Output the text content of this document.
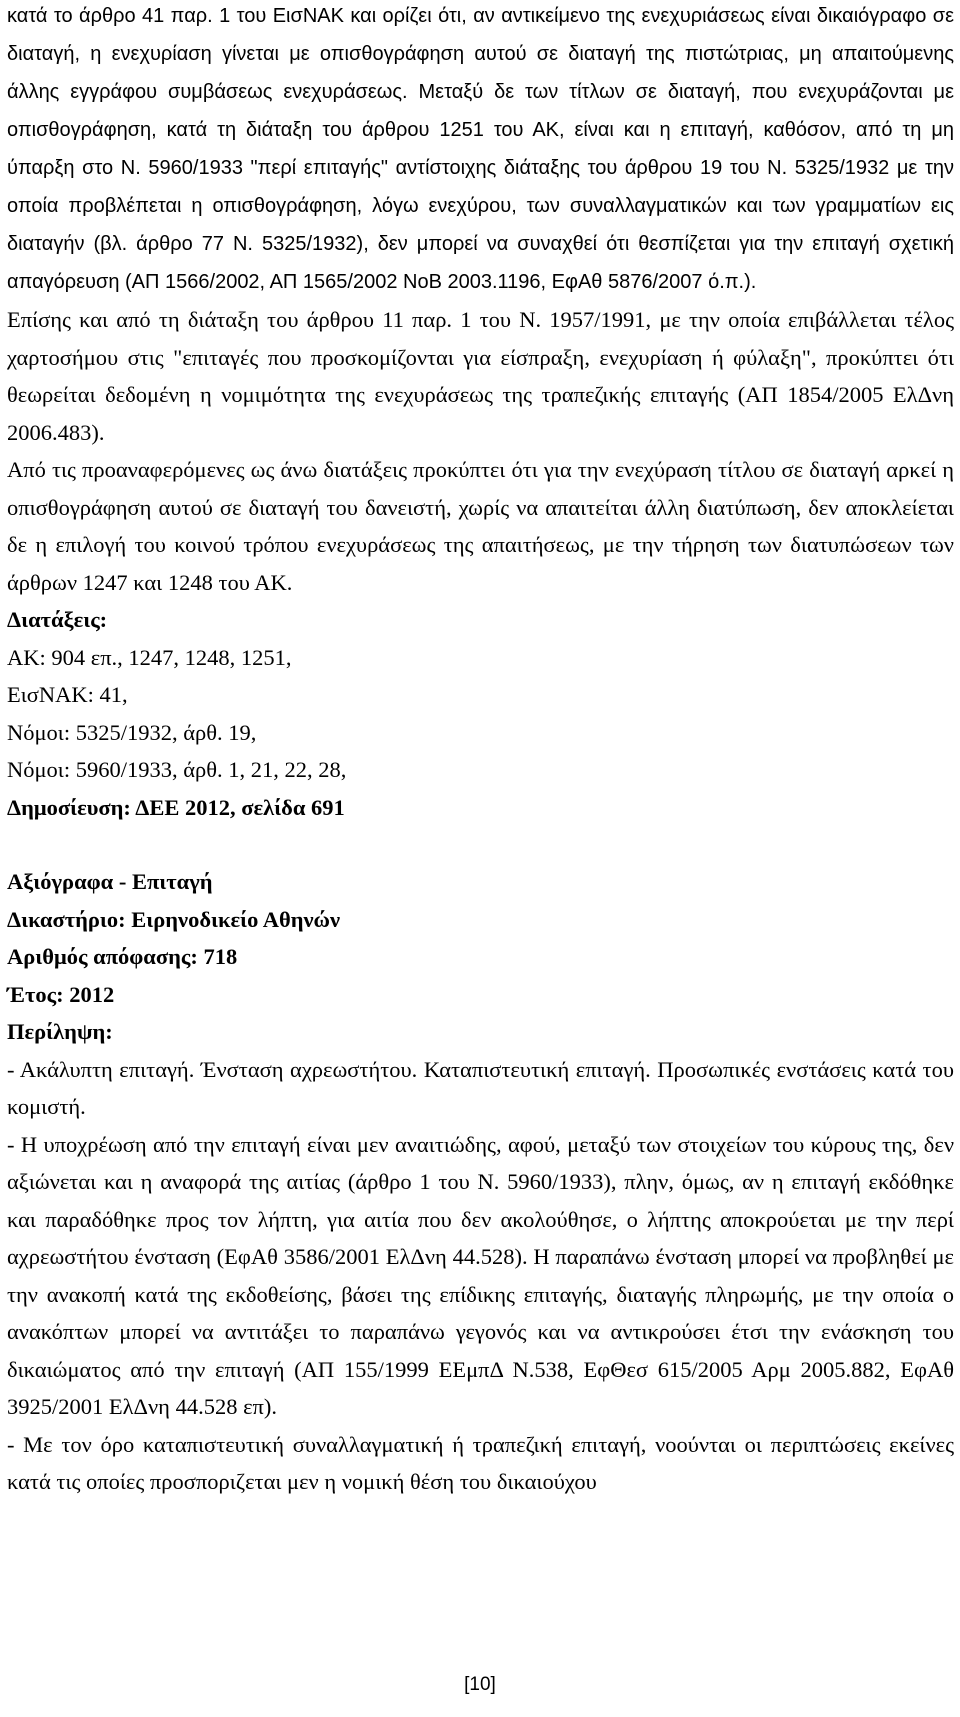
κατά το άρθρο 41 παρ. 1 του ΕισΝΑΚ και ορίζει ότι, αν αντικείμενο της ενεχυριάσεως είναι δικαιόγραφο σε διαταγή, η ενεχυρίαση γίνεται με οπισθογράφηση αυτού σε διαταγή της πιστώτριας, μη απαιτούμενης άλλης εγγράφου συμβάσεως ενεχυράσεως. Μεταξύ δε των τίτλων σε διαταγή, που ενεχυράζονται με οπισθογράφηση, κατά τη διάταξη του άρθρου 1251 του ΑΚ, είναι και η επιταγή, καθόσον, από τη μη ύπαρξη στο Ν. 5960/1933 "περί επιταγής" αντίστοιχης διάταξης του άρθρου 19 του Ν. 5325/1932 με την οποία προβλέπεται η οπισθογράφηση, λόγω ενεχύρου, των συναλλαγματικών και των γραμματίων εις διαταγήν (βλ. άρθρο 77 Ν. 5325/1932), δεν μπορεί να συναχθεί ότι θεσπίζεται για την επιταγή σχετική απαγόρευση (ΑΠ 1566/2002, ΑΠ 1565/2002 ΝοΒ 2003.1196, ΕφΑθ 5876/2007 ό.π.).

Επίσης και από τη διάταξη του άρθρου 11 παρ. 1 του Ν. 1957/1991, με την οποία επιβάλλεται τέλος χαρτοσήμου στις "επιταγές που προσκομίζονται για είσπραξη, ενεχυρίαση ή φύλαξη", προκύπτει ότι θεωρείται δεδομένη η νομιμότητα της ενεχυράσεως της τραπεζικής επιταγής (ΑΠ 1854/2005 ΕλΔνη 2006.483).

Από τις προαναφερόμενες ως άνω διατάξεις προκύπτει ότι για την ενεχύραση τίτλου σε διαταγή αρκεί η οπισθογράφηση αυτού σε διαταγή του δανειστή, χωρίς να απαιτείται άλλη διατύπωση, δεν αποκλείεται δε η επιλογή του κοινού τρόπου ενεχυράσεως της απαιτήσεως, με την τήρηση των διατυπώσεων των άρθρων 1247 και 1248 του ΑΚ.

Διατάξεις:
ΑΚ: 904 επ., 1247, 1248, 1251,
ΕισΝΑΚ: 41,
Νόμοι: 5325/1932, άρθ. 19,
Νόμοι: 5960/1933, άρθ. 1, 21, 22, 28,
Δημοσίευση: ΔΕΕ 2012, σελίδα 691
Αξιόγραφα - Επιταγή
Δικαστήριο: Ειρηνοδικείο Αθηνών
Αριθμός απόφασης: 718
Έτος: 2012
Περίληψη:

- Ακάλυπτη επιταγή. Ένσταση αχρεωστήτου. Καταπιστευτική επιταγή. Προσωπικές ενστάσεις κατά του κομιστή.

- Η υποχρέωση από την επιταγή είναι μεν αναιτιώδης, αφού, μεταξύ των στοιχείων του κύρους της, δεν αξιώνεται και η αναφορά της αιτίας (άρθρο 1 του Ν. 5960/1933), πλην, όμως, αν η επιταγή εκδόθηκε και παραδόθηκε προς τον λήπτη, για αιτία που δεν ακολούθησε, ο λήπτης αποκρούεται με την περί αχρεωστήτου ένσταση (ΕφΑθ 3586/2001 ΕλΔνη 44.528). Η παραπάνω ένσταση μπορεί να προβληθεί με την ανακοπή κατά της εκδοθείσης, βάσει της επίδικης επιταγής, διαταγής πληρωμής, με την οποία ο ανακόπτων μπορεί να αντιτάξει το παραπάνω γεγονός και να αντικρούσει έτσι την ενάσκηση του δικαιώματος από την επιταγή (ΑΠ 155/1999 ΕΕμπΔ Ν.538, ΕφΘεσ 615/2005 Αρμ 2005.882, ΕφΑθ 3925/2001 ΕλΔνη 44.528 επ).

- Με τον όρο καταπιστευτική συναλλαγματική ή τραπεζική επιταγή, νοούνται οι περιπτώσεις εκείνες κατά τις οποίες προσποριζεται μεν η νομική θέση του δικαιούχου

[10]
